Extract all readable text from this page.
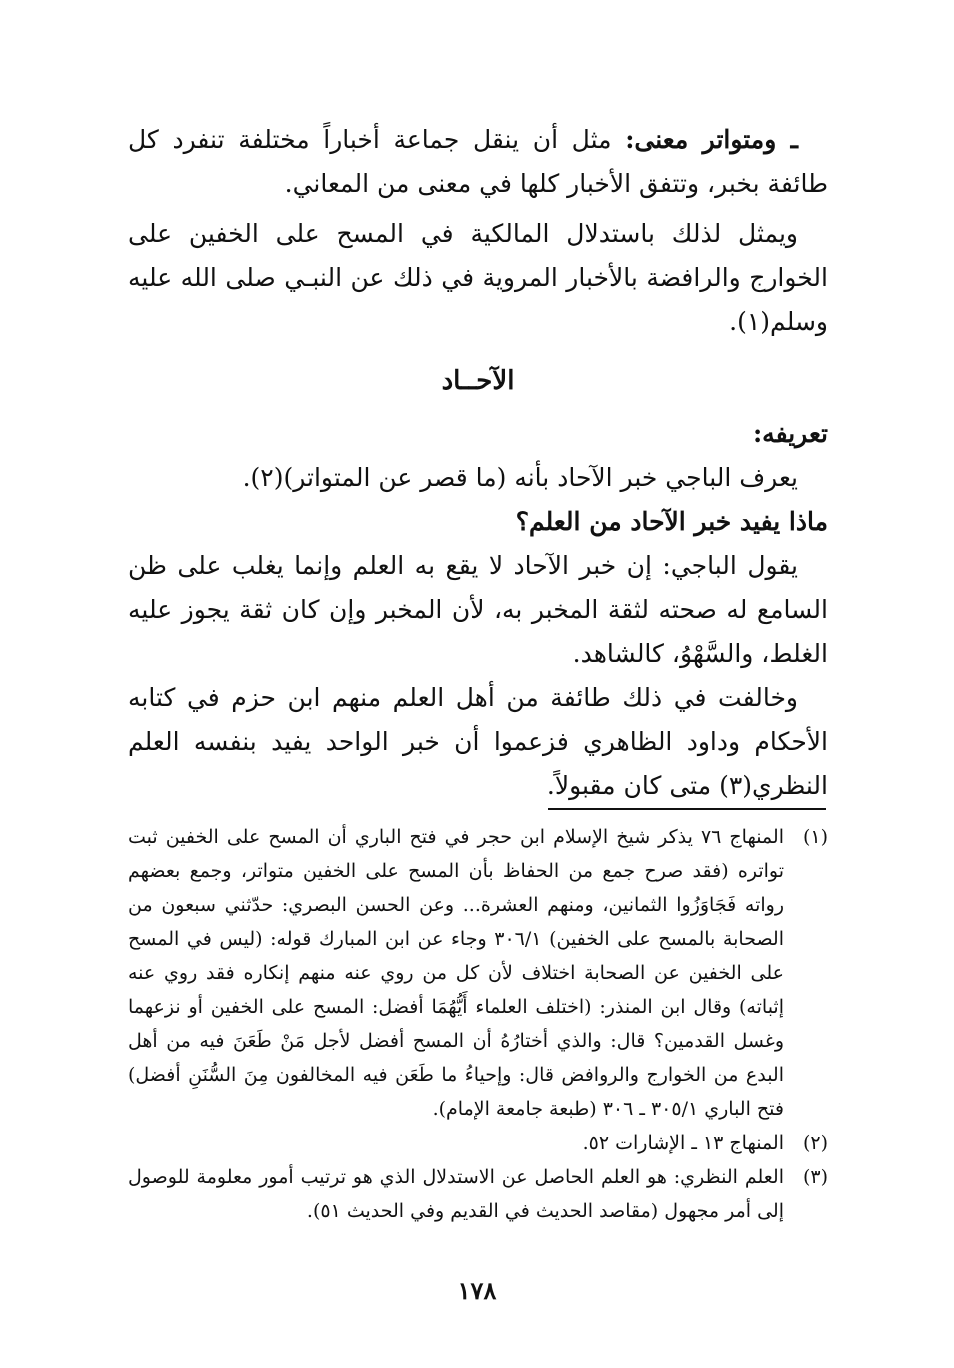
ـ ومتواتر معنى: مثل أن ينقل جماعة أخباراً مختلفة تنفرد كل طائفة بخبر، وتتفق الأخبار كلها في معنى من المعاني.

ويمثل لذلك باستدلال المالكية في المسح على الخفين على الخوارج والرافضة بالأخبار المروية في ذلك عن النبـي صلى الله عليه وسلم(١).

الآحــاد

تعريفه:

يعرف الباجي خبر الآحاد بأنه (ما قصر عن المتواتر)(٢).

ماذا يفيد خبر الآحاد من العلم؟

يقول الباجي: إن خبر الآحاد لا يقع به العلم وإنما يغلب على ظن السامع له صحته لثقة المخبر به، لأن المخبر وإن كان ثقة يجوز عليه الغلط، والسَّهْوُ، كالشاهد.

وخالفت في ذلك طائفة من أهل العلم منهم ابن حزم في كتابه الأحكام وداود الظاهري فزعموا أن خبر الواحد يفيد بنفسه العلم النظري(٣) متى كان مقبولاً.

(١)
المنهاج ٧٦ يذكر شيخ الإسلام ابن حجر في فتح الباري أن المسح على الخفين ثبت تواتره (فقد صرح جمع من الحفاظ بأن المسح على الخفين متواتر، وجمع بعضهم رواته فَجَاوَزُوا الثمانين، ومنهم العشرة... وعن الحسن البصري: حدّثني سبعون من الصحابة بالمسح على الخفين) ٣٠٦/١ وجاء عن ابن المبارك قوله: (ليس في المسح على الخفين عن الصحابة اختلاف لأن كل من روي عنه منهم إنكاره فقد روي عنه إثباته) وقال ابن المنذر: (اختلف العلماء أَيُّهُمَا أفضل: المسح على الخفين أو نزعهما وغسل القدمين؟ قال: والذي أختارُهُ أن المسح أفضل لأجل مَنْ طَعَنَ فيه من أهل البدع من الخوارج والروافض قال: وإحياءُ ما طَعَن فيه المخالفون مِنَ السُّنَنِ أفضل) فتح الباري ٣٠٥/١ ـ ٣٠٦ (طبعة جامعة الإمام).
(٢)
المنهاج ١٣ ـ الإشارات ٥٢.
(٣)
العلم النظري: هو العلم الحاصل عن الاستدلال الذي هو ترتيب أمور معلومة للوصول إلى أمر مجهول (مقاصد الحديث في القديم وفي الحديث ٥١).
١٧٨
